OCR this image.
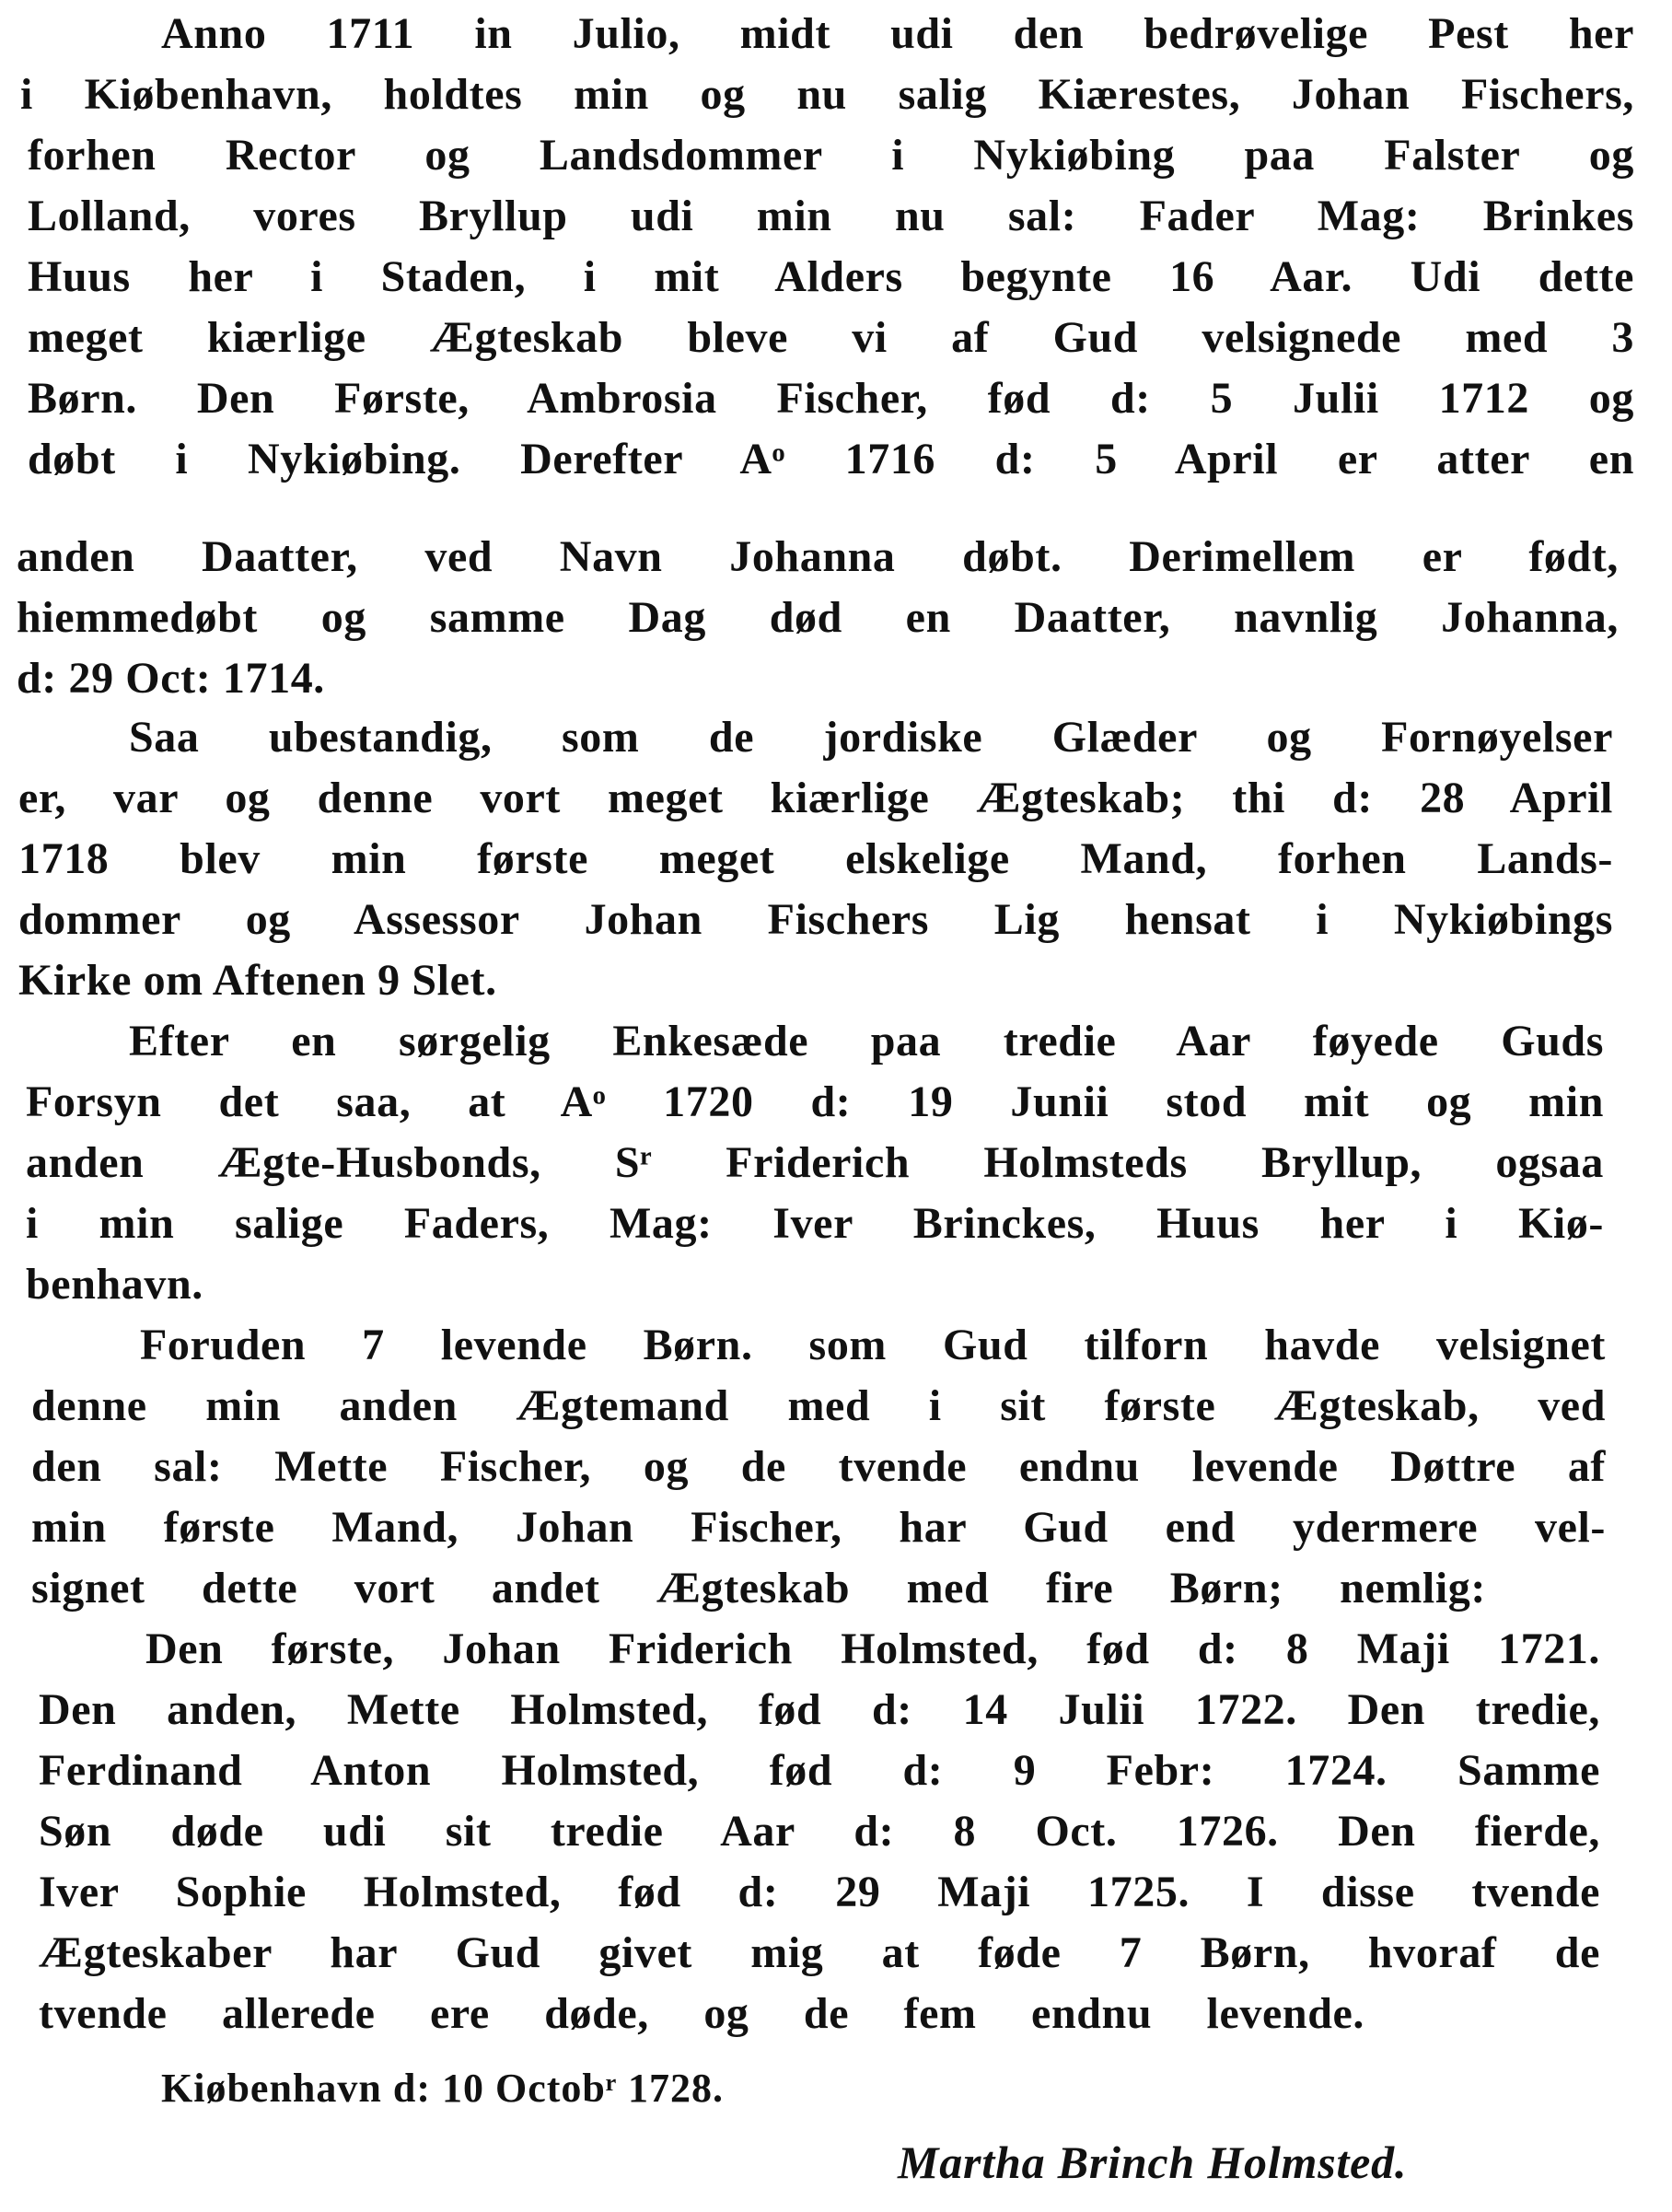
Anno 1711 in Julio, midt udi den bedrøvelige Pest her
i Kiøbenhavn, holdtes min og nu salig Kiærestes, Johan Fischers,
forhen Rector og Landsdommer i Nykiøbing paa Falster og
Lolland, vores Bryllup udi min nu sal: Fader Mag: Brinkes
Huus her i Staden, i mit Alders begynte 16 Aar. Udi dette
meget kiærlige Ægteskab bleve vi af Gud velsignede med 3
Børn. Den Første, Ambrosia Fischer, fød d: 5 Julii 1712 og
døbt i Nykiøbing. Derefter Aᵒ 1716 d: 5 April er atter en
anden Daatter, ved Navn Johanna døbt. Derimellem er født,
hiemmedøbt og samme Dag død en Daatter, navnlig Johanna,
d: 29 Oct: 1714.
Saa ubestandig, som de jordiske Glæder og Fornøyelser
er, var og denne vort meget kiærlige Ægteskab; thi d: 28 April
1718 blev min første meget elskelige Mand, forhen Lands-
dommer og Assessor Johan Fischers Lig hensat i Nykiøbings
Kirke om Aftenen 9 Slet.
Efter en sørgelig Enkesæde paa tredie Aar føyede Guds
Forsyn det saa, at Aᵒ 1720 d: 19 Junii stod mit og min
anden Ægte-Husbonds, Sʳ Friderich Holmsteds Bryllup, ogsaa
i min salige Faders, Mag: Iver Brinckes, Huus her i Kiø-
benhavn.
Foruden 7 levende Børn. som Gud tilforn havde velsignet
denne min anden Ægtemand med i sit første Ægteskab, ved
den sal: Mette Fischer, og de tvende endnu levende Døttre af
min første Mand, Johan Fischer, har Gud end ydermere vel-
signet dette vort andet Ægteskab med fire Børn; nemlig:
Den første, Johan Friderich Holmsted, fød d: 8 Maji 1721.
Den anden, Mette Holmsted, fød d: 14 Julii 1722. Den tredie,
Ferdinand Anton Holmsted, fød d: 9 Febr: 1724. Samme
Søn døde udi sit tredie Aar d: 8 Oct. 1726. Den fierde,
Iver Sophie Holmsted, fød d: 29 Maji 1725. I disse tvende
Ægteskaber har Gud givet mig at føde 7 Børn, hvoraf de
tvende allerede ere døde, og de fem endnu levende.
Kiøbenhavn d: 10 Octobʳ 1728.
Martha Brinch Holmsted.
